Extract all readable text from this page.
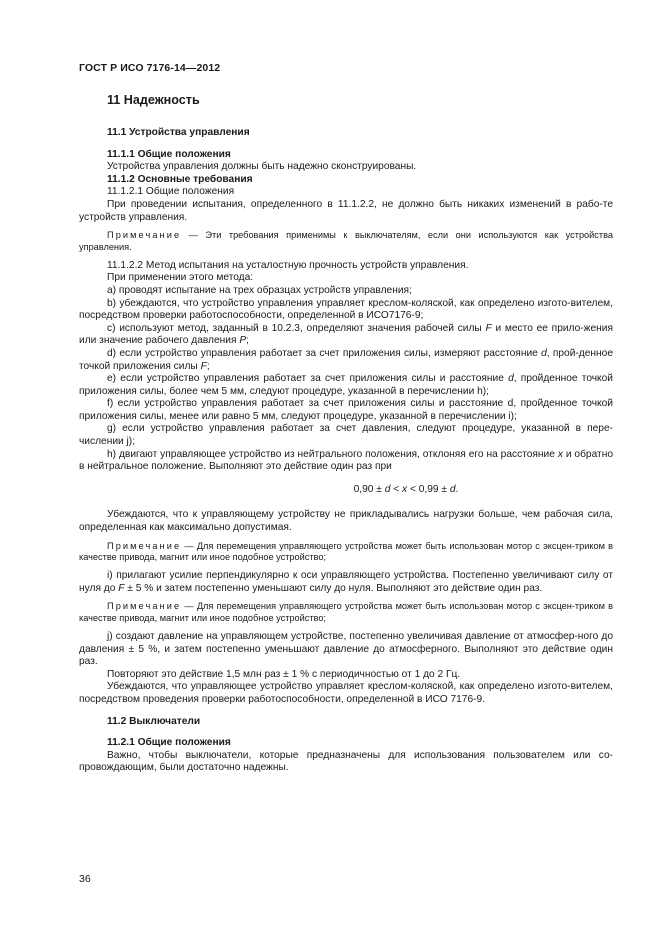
ГОСТ Р ИСО 7176-14—2012
11 Надежность
11.1 Устройства управления
11.1.1 Общие положения

Устройства управления должны быть надежно сконструированы.

11.1.2 Основные требования

11.1.2.1 Общие положения

При проведении испытания, определенного в 11.1.2.2, не должно быть никаких изменений в рабо-те устройств управления.

Примечание — Эти требования применимы к выключателям, если они используются как устройства управления.

11.1.2.2 Метод испытания на усталостную прочность устройств управления.

При применении этого метода:

а) проводят испытание на трех образцах устройств управления;

b) убеждаются, что устройство управления управляет креслом-коляской, как определено изгото-вителем, посредством проверки работоспособности, определенной в ИСО7176-9;

c) используют метод, заданный в 10.2.3, определяют значения рабочей силы F и место ее прило-жения или значение рабочего давления P;

d) если устройство управления работает за счет приложения силы, измеряют расстояние d, прой-денное точкой приложения силы F;

e) если устройство управления работает за счет приложения силы и расстояние d, пройденное точкой приложения силы, более чем 5 мм, следуют процедуре, указанной в перечислении h);

f) если устройство управления работает за счет приложения силы и расстояние d, пройденное точкой приложения силы, менее или равно 5 мм, следуют процедуре, указанной в перечислении i);

g) если устройство управления работает за счет давления, следуют процедуре, указанной в пере-числении j);

h) двигают управляющее устройство из нейтрального положения, отклоняя его на расстояние x и обратно в нейтральное положение. Выполняют это действие один раз при

0,90 ± d < x < 0,99 ± d.

Убеждаются, что к управляющему устройству не прикладывались нагрузки больше, чем рабочая сила, определенная как максимально допустимая.

Примечание — Для перемещения управляющего устройства может быть использован мотор с эксцен-триком в качестве привода, магнит или иное подобное устройство;

i) прилагают усилие перпендикулярно к оси управляющего устройства. Постепенно увеличивают силу от нуля до F ± 5 % и затем постепенно уменьшают силу до нуля. Выполняют это действие один раз.

Примечание — Для перемещения управляющего устройства может быть использован мотор с эксцен-триком в качестве привода, магнит или иное подобное устройство;

j) создают давление на управляющем устройстве, постепенно увеличивая давление от атмосфер-ного до давления ± 5 %, и затем постепенно уменьшают давление до атмосферного. Выполняют это действие один раз.

Повторяют это действие 1,5 млн раз ± 1 % с периодичностью от 1 до 2 Гц.

Убеждаются, что управляющее устройство управляет креслом-коляской, как определено изгото-вителем, посредством проведения проверки работоспособности, определенной в ИСО 7176-9.

11.2 Выключатели
11.2.1 Общие положения

Важно, чтобы выключатели, которые предназначены для использования пользователем или со-провождающим, были достаточно надежны.

36
